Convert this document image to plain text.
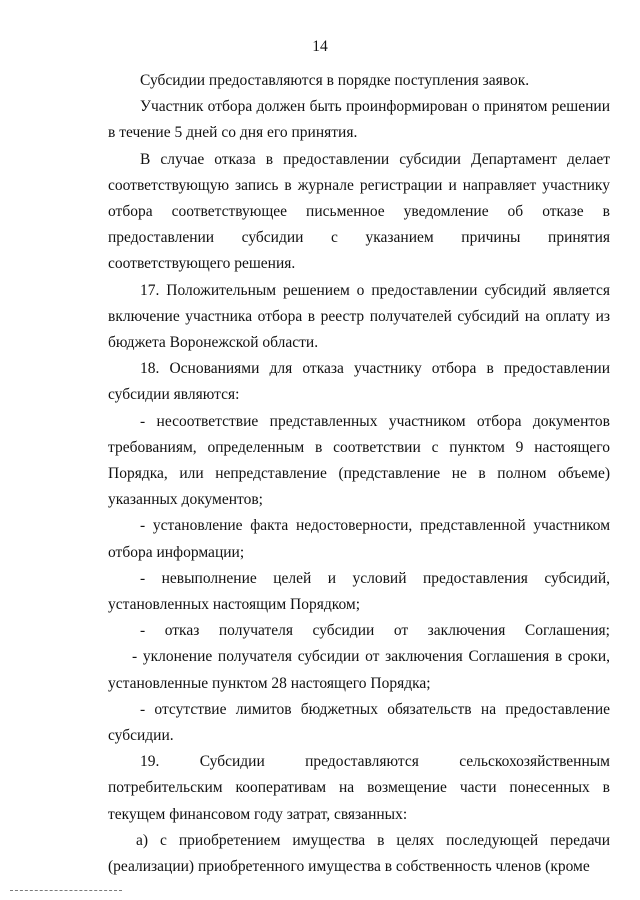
14

Субсидии предоставляются в порядке поступления заявок.

Участник отбора должен быть проинформирован о принятом решении в течение 5 дней со дня его принятия.

В случае отказа в предоставлении субсидии Департамент делает соответствующую запись в журнале регистрации и направляет участнику отбора соответствующее письменное уведомление об отказе в предоставлении субсидии с указанием причины принятия соответствующего решения.

17. Положительным решением о предоставлении субсидий является включение участника отбора в реестр получателей субсидий на оплату из бюджета Воронежской области.

18. Основаниями для отказа участнику отбора в предоставлении субсидии являются:

- несоответствие представленных участником отбора документов требованиям, определенным в соответствии с пунктом 9 настоящего Порядка, или непредставление (представление не в полном объеме) указанных документов;

- установление факта недостоверности, представленной участником отбора информации;

- невыполнение целей и условий предоставления субсидий, установленных настоящим Порядком;

- отказ получателя субсидии от заключения Соглашения;

- уклонение получателя субсидии от заключения Соглашения в сроки, установленные пунктом 28 настоящего Порядка;

- отсутствие лимитов бюджетных обязательств на предоставление субсидии.

19. Субсидии предоставляются сельскохозяйственным потребительским кооперативам на возмещение части понесенных в текущем финансовом году затрат, связанных:

а) с приобретением имущества в целях последующей передачи (реализации) приобретенного имущества в собственность членов (кроме
